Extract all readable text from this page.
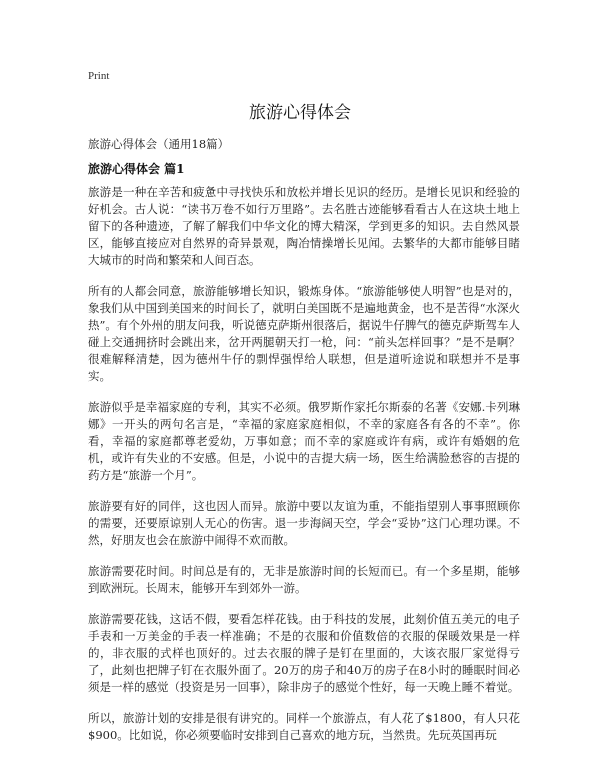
Print
旅游心得体会
旅游心得体会（通用18篇）
旅游心得体会 篇1

旅游是一种在辛苦和疲惫中寻找快乐和放松并增长见识的经历。是增长见识和经验的好机会。古人说：“读书万卷不如行万里路”。去名胜古迹能够看看古人在这块土地上留下的各种遗迹，了解了解我们中华文化的博大精深，学到更多的知识。去自然风景区，能够直接应对自然界的奇异景观，陶冶情操增长见闻。去繁华的大都市能够目睹大城市的时尚和繁荣和人间百态。

所有的人都会同意，旅游能够增长知识，锻炼身体。“旅游能够使人明智”也是对的，象我们从中国到美国来的时间长了，就明白美国既不是遍地黄金，也不是苦得“水深火热”。有个外州的朋友问我，听说德克萨斯州很落后，据说牛仔脾气的德克萨斯驾车人碰上交通拥挤时会跳出来，岔开两腿朝天打一枪，问：“前头怎样回事？”是不是啊？很难解释清楚，因为德州牛仔的剽悍强悍给人联想，但是道听途说和联想并不是事实。

旅游似乎是幸福家庭的专利，其实不必须。俄罗斯作家托尔斯泰的名著《安娜.卡列琳娜》一开头的两句名言是，“幸福的家庭家庭相似，不幸的家庭各有各的不幸”。你看，幸福的家庭都尊老爱幼，万事如意；而不幸的家庭或许有病，或许有婚姻的危机，或许有失业的不安感。但是，小说中的吉提大病一场，医生给满脸愁容的吉提的药方是“旅游一个月”。

旅游要有好的同伴，这也因人而异。旅游中要以友谊为重，不能指望别人事事照顾你的需要，还要原谅别人无心的伤害。退一步海阔天空，学会“妥协”这门心理功课。不然，好朋友也会在旅游中闹得不欢而散。

旅游需要花时间。时间总是有的，无非是旅游时间的长短而已。有一个多星期，能够到欧洲玩。长周末，能够开车到郊外一游。

旅游需要花钱，这话不假，要看怎样花钱。由于科技的发展，此刻价值五美元的电子手表和一万美金的手表一样准确；不是的衣服和价值数倍的衣服的保暖效果是一样的，非衣服的式样也顶好的。过去衣服的牌子是钉在里面的，大该衣服厂家觉得亏了，此刻也把牌子钉在衣服外面了。20万的房子和40万的房子在8小时的睡眠时间必须是一样的感觉（投资是另一回事），除非房子的感觉个性好，每一天晚上睡不着觉。

所以，旅游计划的安排是很有讲究的。同样一个旅游点，有人花了$1800，有人只花$900。比如说，你必须要临时安排到自己喜欢的地方玩，当然贵。先玩英国再玩
